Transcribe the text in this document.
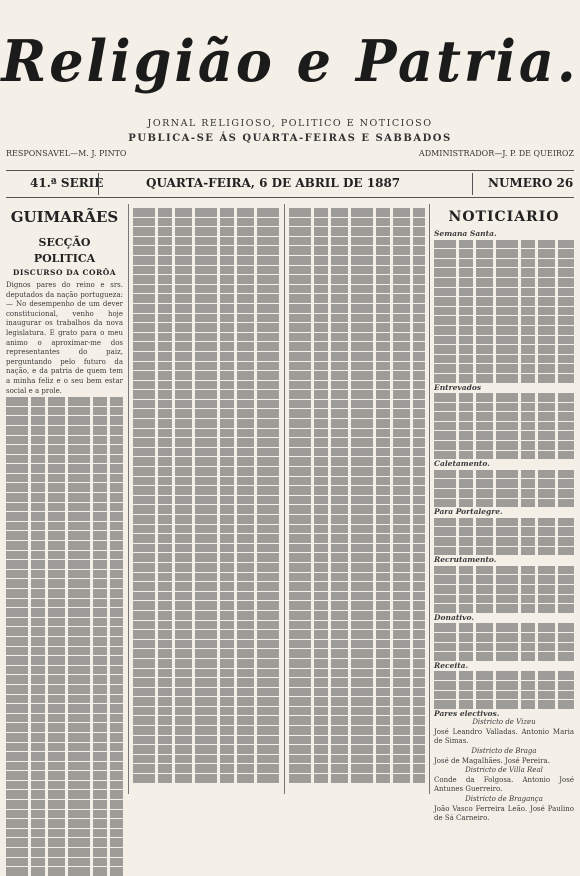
Religião e Patria.
JORNAL RELIGIOSO, POLITICO E NOTICIOSO
PUBLICA-SE ÁS QUARTA-FEIRAS E SABBADOS
RESPONSAVEL—M. J. PINTO	ADMINISTRADOR—J. P. DE QUEIROZ
41.ª SERIE	QUARTA-FEIRA, 6 DE ABRIL DE 1887	NUMERO 26
GUIMARÃES
SECÇÃO POLITICA
DISCURSO DA CORÔA

Dignos pares do reino e srs. deputados da nação portugueza: — No desempenho de um dever constitucional, venho hoje inaugurar os trabalhos da nova legislatura. E grato para o meu animo o aproximar-me dos representantes do paiz, perguntando pelo futuro da nação, e da patria de quem tem a minha feliz e o seu bem estar social e a prole.

NOTICIARIO
Semana Santa.
Entrevados
Caletamento.
Para Portalegre.
Recrutamento.
Donativo.
Receita.
Pares electivos.
Districto de Vizeu

José Leandro Valladas. Antonio Maria de Simas.

Districto de Braga

José de Magalhães. José Pereira.

Districto de Villa Real

Conde da Folgosa. Antonio José Antunes Guerreiro.

Districto de Bragança

João Vasco Ferreira Leão. José Paulino de Sá Carneiro.
